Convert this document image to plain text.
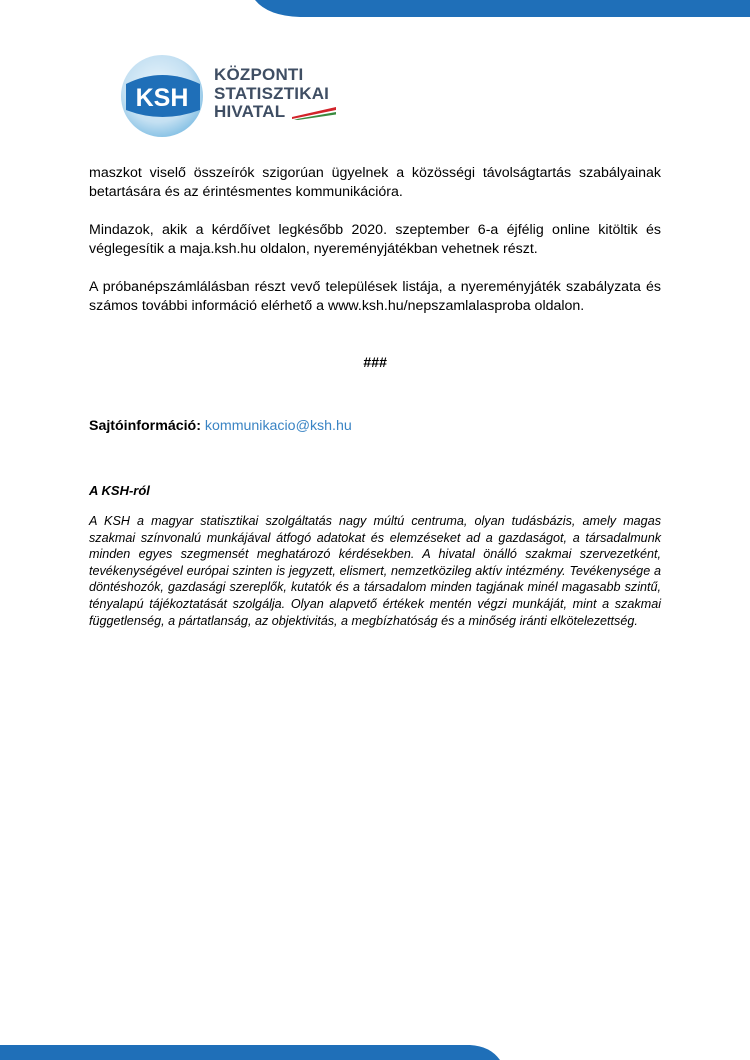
KSH
KÖZPONTI
STATISZTIKAI
HIVATAL

maszkot viselő összeírók szigorúan ügyelnek a közösségi távolságtartás szabályainak betartására és az érintésmentes kommunikációra.

Mindazok, akik a kérdőívet legkésőbb 2020. szeptember 6-a éjfélig online kitöltik és véglegesítik a maja.ksh.hu oldalon, nyereményjátékban vehetnek részt.

A próbanépszámlálásban részt vevő települések listája, a nyereményjáték szabályzata és számos további információ elérhető a www.ksh.hu/nepszamlalasproba oldalon.

###

Sajtóinformáció: kommunikacio@ksh.hu

A KSH-ról

A KSH a magyar statisztikai szolgáltatás nagy múltú centruma, olyan tudásbázis, amely magas szakmai színvonalú munkájával átfogó adatokat és elemzéseket ad a gazdaságot, a társadalmunk minden egyes szegmensét meghatározó kérdésekben. A hivatal önálló szakmai szervezetként, tevékenységével európai szinten is jegyzett, elismert, nemzetközileg aktív intézmény. Tevékenysége a döntéshozók, gazdasági szereplők, kutatók és a társadalom minden tagjának minél magasabb szintű, tényalapú tájékoztatását szolgálja. Olyan alapvető értékek mentén végzi munkáját, mint a szakmai függetlenség, a pártatlanság, az objektivitás, a megbízhatóság és a minőség iránti elkötelezettség.
